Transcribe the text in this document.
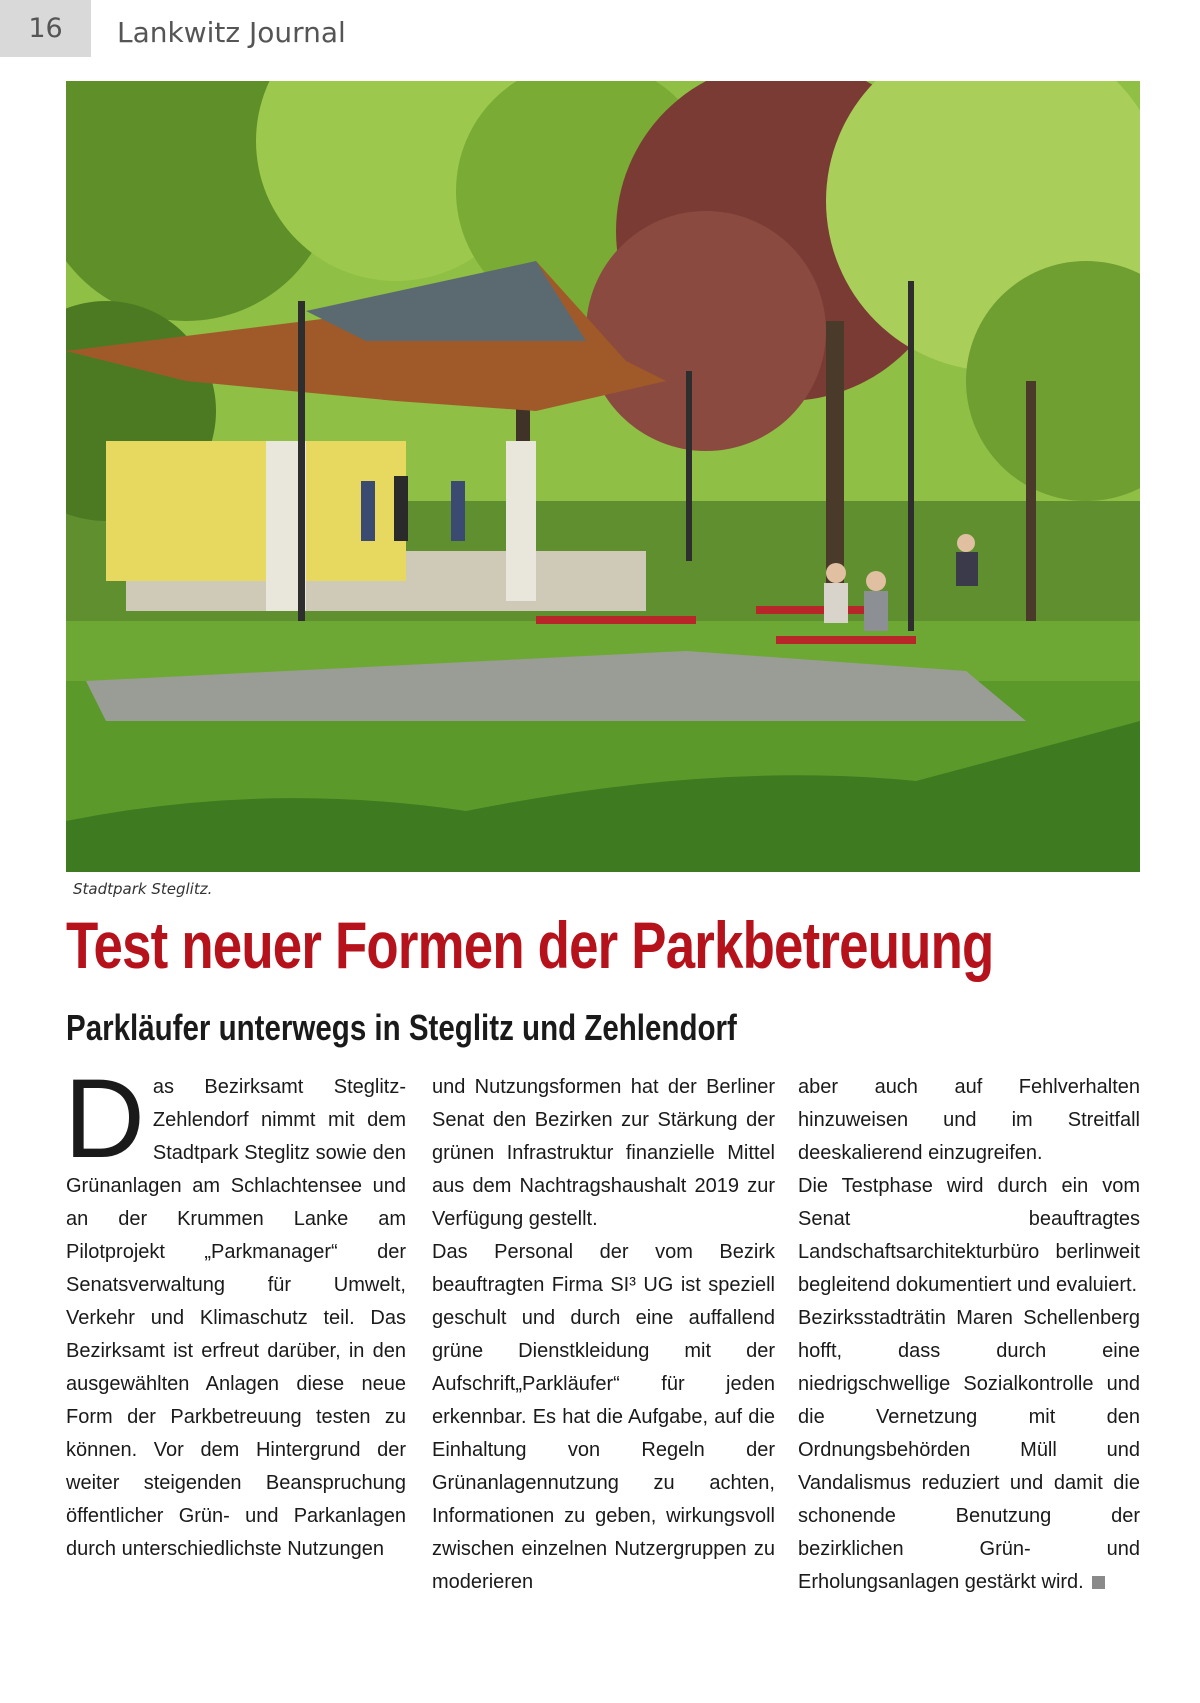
16	Lankwitz Journal
Stadtpark Steglitz.
Test neuer Formen der Parkbetreuung
Parkläufer unterwegs in Steglitz und Zehlendorf
D as Bezirksamt Steglitz-Zehlendorf nimmt mit dem Stadtpark Steglitz sowie den Grünanlagen am Schlachtensee und an der Krummen Lanke am Pilotprojekt „Parkmanager“ der Senatsverwaltung für Umwelt, Verkehr und Klimaschutz teil. Das Bezirksamt ist erfreut darüber, in den ausgewählten Anlagen diese neue Form der Parkbetreuung testen zu können. Vor dem Hintergrund der weiter steigenden Beanspruchung öffentlicher Grün- und Parkanlagen durch unterschiedlichste Nutzungen

und Nutzungsformen hat der Berliner Senat den Bezirken zur Stärkung der grünen Infrastruktur finanzielle Mittel aus dem Nachtragshaushalt 2019 zur Verfügung gestellt.

Das Personal der vom Bezirk beauftragten Firma SI³ UG ist speziell geschult und durch eine auffallend grüne Dienstkleidung mit der Aufschrift„Parkläufer“ für jeden erkennbar. Es hat die Aufgabe, auf die Einhaltung von Regeln der Grünanlagennutzung zu achten, Informationen zu geben, wirkungsvoll zwischen einzelnen Nutzergruppen zu moderieren

aber auch auf Fehlverhalten hinzuweisen und im Streitfall deeskalierend einzugreifen.

Die Testphase wird durch ein vom Senat beauftragtes Landschaftsarchitekturbüro berlinweit begleitend dokumentiert und evaluiert.

Bezirksstadträtin Maren Schellenberg hofft, dass durch eine niedrigschwellige Sozialkontrolle und die Vernetzung mit den Ordnungsbehörden Müll und Vandalismus reduziert und damit die schonende Benutzung der bezirklichen Grün- und Erholungsanlagen gestärkt wird.
